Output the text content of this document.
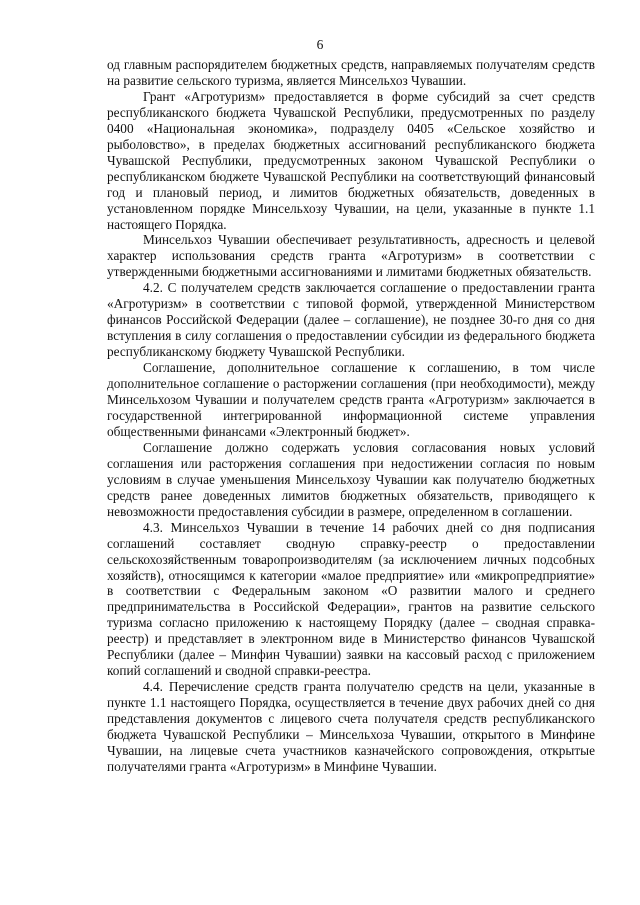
6

од главным распорядителем бюджетных средств, направляемых получателям средств на развитие сельского туризма, является Минсельхоз Чувашии.

Грант «Агротуризм» предоставляется в форме субсидий за счет средств республиканского бюджета Чувашской Республики, предусмотренных по разделу 0400 «Национальная экономика», подразделу 0405 «Сельское хозяйство и рыболовство», в пределах бюджетных ассигнований республиканского бюджета Чувашской Республики, предусмотренных законом Чувашской Республики о республиканском бюджете Чувашской Республики на соответствующий финансовый год и плановый период, и лимитов бюджетных обязательств, доведенных в установленном порядке Минсельхозу Чувашии, на цели, указанные в пункте 1.1 настоящего Порядка.

Минсельхоз Чувашии обеспечивает результативность, адресность и целевой характер использования средств гранта «Агротуризм» в соответствии с утвержденными бюджетными ассигнованиями и лимитами бюджетных обязательств.

4.2. С получателем средств заключается соглашение о предоставлении гранта «Агротуризм» в соответствии с типовой формой, утвержденной Министерством финансов Российской Федерации (далее – соглашение), не позднее 30-го дня со дня вступления в силу соглашения о предоставлении субсидии из федерального бюджета республиканскому бюджету Чувашской Республики.

Соглашение, дополнительное соглашение к соглашению, в том числе дополнительное соглашение о расторжении соглашения (при необходимости), между Минсельхозом Чувашии и получателем средств гранта «Агротуризм» заключается в государственной интегрированной информационной системе управления общественными финансами «Электронный бюджет».

Соглашение должно содержать условия согласования новых условий соглашения или расторжения соглашения при недостижении согласия по новым условиям в случае уменьшения Минсельхозу Чувашии как получателю бюджетных средств ранее доведенных лимитов бюджетных обязательств, приводящего к невозможности предоставления субсидии в размере, определенном в соглашении.

4.3. Минсельхоз Чувашии в течение 14 рабочих дней со дня подписания соглашений составляет сводную справку-реестр о предоставлении сельскохозяйственным товаропроизводителям (за исключением личных подсобных хозяйств), относящимся к категории «малое предприятие» или «микропредприятие» в соответствии с Федеральным законом «О развитии малого и среднего предпринимательства в Российской Федерации», грантов на развитие сельского туризма согласно приложению к настоящему Порядку (далее – сводная справка-реестр) и представляет в электронном виде в Министерство финансов Чувашской Республики (далее – Минфин Чувашии) заявки на кассовый расход с приложением копий соглашений и сводной справки-реестра.

4.4. Перечисление средств гранта получателю средств на цели, указанные в пункте 1.1 настоящего Порядка, осуществляется в течение двух рабочих дней со дня представления документов с лицевого счета получателя средств республиканского бюджета Чувашской Республики – Минсельхоза Чувашии, открытого в Минфине Чувашии, на лицевые счета участников казначейского сопровождения, открытые получателями гранта «Агротуризм» в Минфине Чувашии.
